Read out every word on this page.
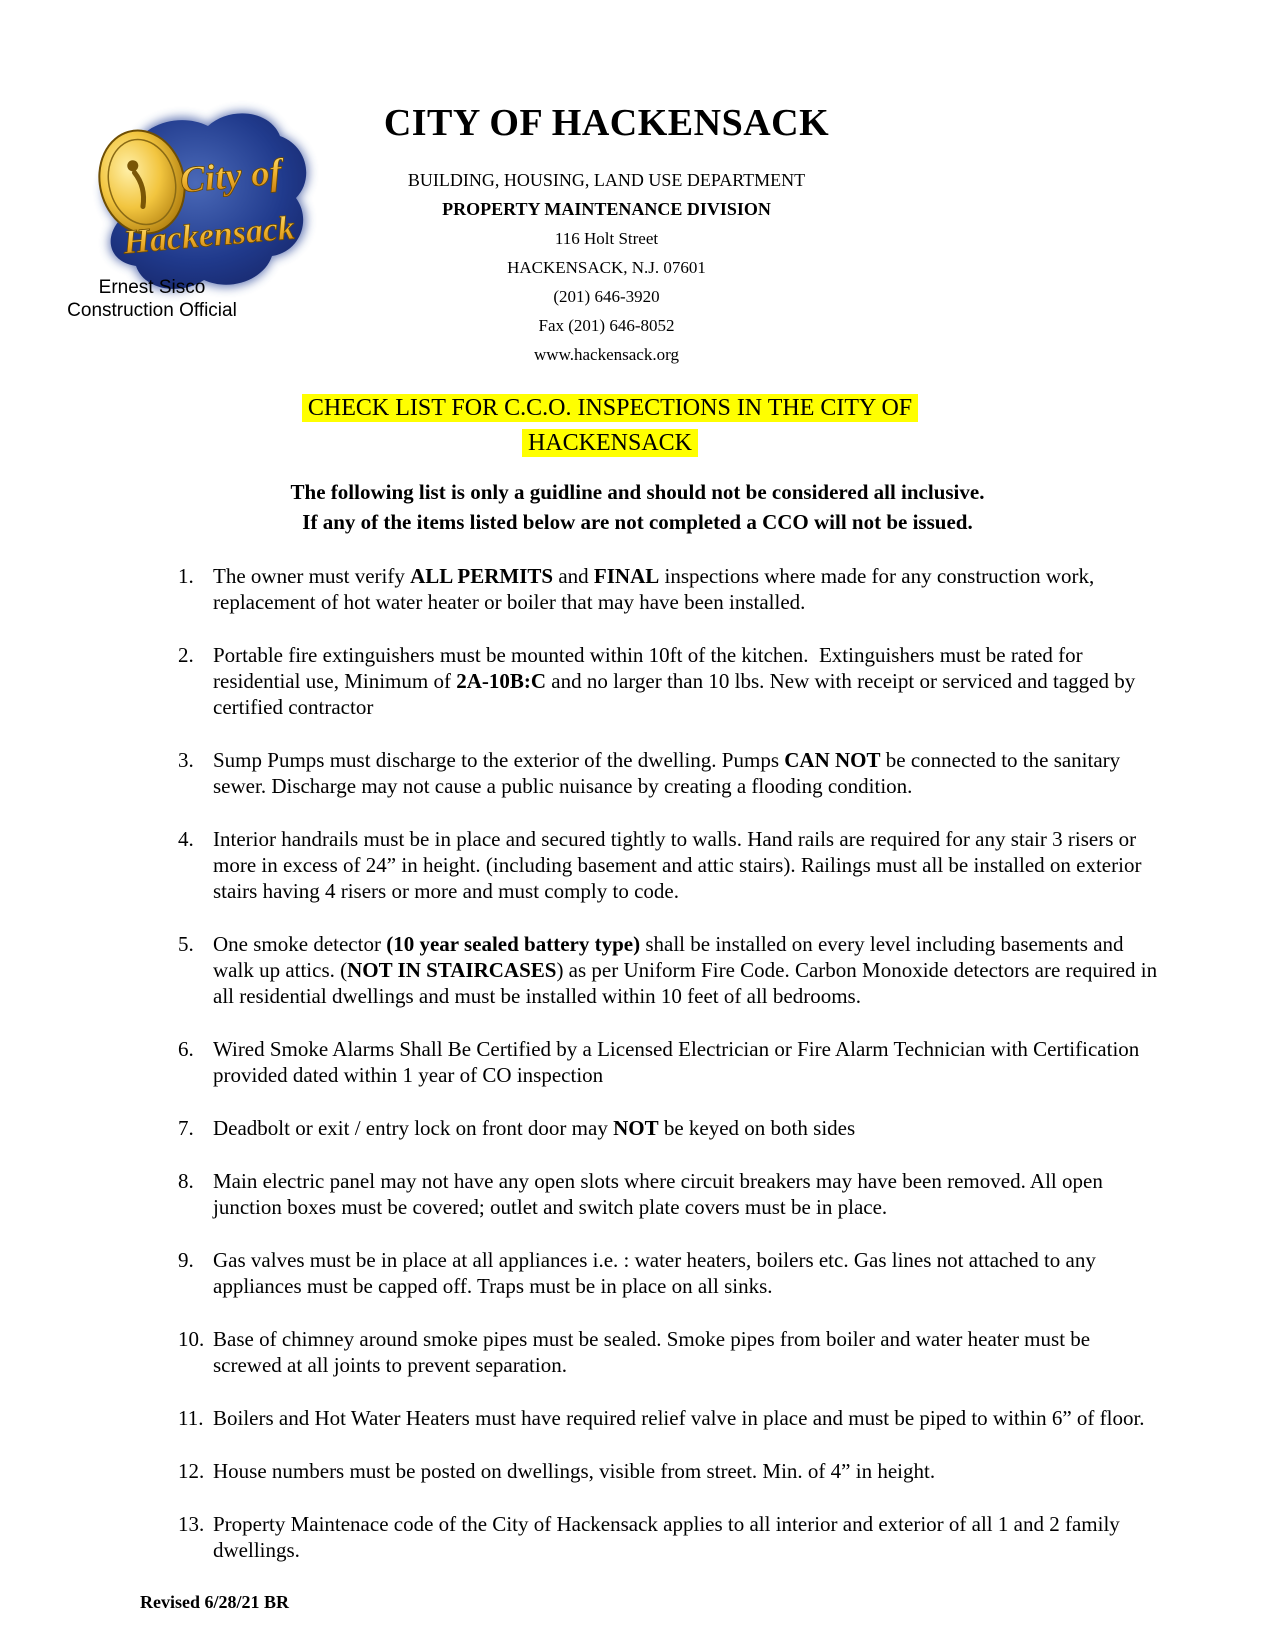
City of
Hackensack
Ernest Sisco
Construction Official
CITY OF HACKENSACK
BUILDING, HOUSING, LAND USE DEPARTMENT
PROPERTY MAINTENANCE DIVISION
116 Holt Street
HACKENSACK, N.J. 07601
(201) 646-3920
Fax (201) 646-8052
www.hackensack.org
CHECK LIST FOR C.C.O. INSPECTIONS IN THE CITY OF
HACKENSACK
The following list is only a guidline and should not be considered all inclusive.
If any of the items listed below are not completed a CCO will not be issued.
1. The owner must verify ALL PERMITS and FINAL inspections where made for any construction work, replacement of hot water heater or boiler that may have been installed.
2. Portable fire extinguishers must be mounted within 10ft of the kitchen.  Extinguishers must be rated for residential use, Minimum of 2A-10B:C and no larger than 10 lbs. New with receipt or serviced and tagged by certified contractor
3. Sump Pumps must discharge to the exterior of the dwelling. Pumps CAN NOT be connected to the sanitary sewer. Discharge may not cause a public nuisance by creating a flooding condition.
4. Interior handrails must be in place and secured tightly to walls. Hand rails are required for any stair 3 risers or more in excess of 24” in height. (including basement and attic stairs). Railings must all be installed on exterior stairs having 4 risers or more and must comply to code.
5. One smoke detector (10 year sealed battery type) shall be installed on every level including basements and walk up attics. (NOT IN STAIRCASES) as per Uniform Fire Code. Carbon Monoxide detectors are required in all residential dwellings and must be installed within 10 feet of all bedrooms.
6. Wired Smoke Alarms Shall Be Certified by a Licensed Electrician or Fire Alarm Technician with Certification provided dated within 1 year of CO inspection
7. Deadbolt or exit / entry lock on front door may NOT be keyed on both sides
8. Main electric panel may not have any open slots where circuit breakers may have been removed. All open junction boxes must be covered; outlet and switch plate covers must be in place.
9. Gas valves must be in place at all appliances i.e. : water heaters, boilers etc. Gas lines not attached to any appliances must be capped off. Traps must be in place on all sinks.
10. Base of chimney around smoke pipes must be sealed. Smoke pipes from boiler and water heater must be screwed at all joints to prevent separation.
11. Boilers and Hot Water Heaters must have required relief valve in place and must be piped to within 6” of floor.
12. House numbers must be posted on dwellings, visible from street. Min. of 4” in height.
13. Property Maintenace code of the City of Hackensack applies to all interior and exterior of all 1 and 2 family dwellings.
Revised 6/28/21 BR
